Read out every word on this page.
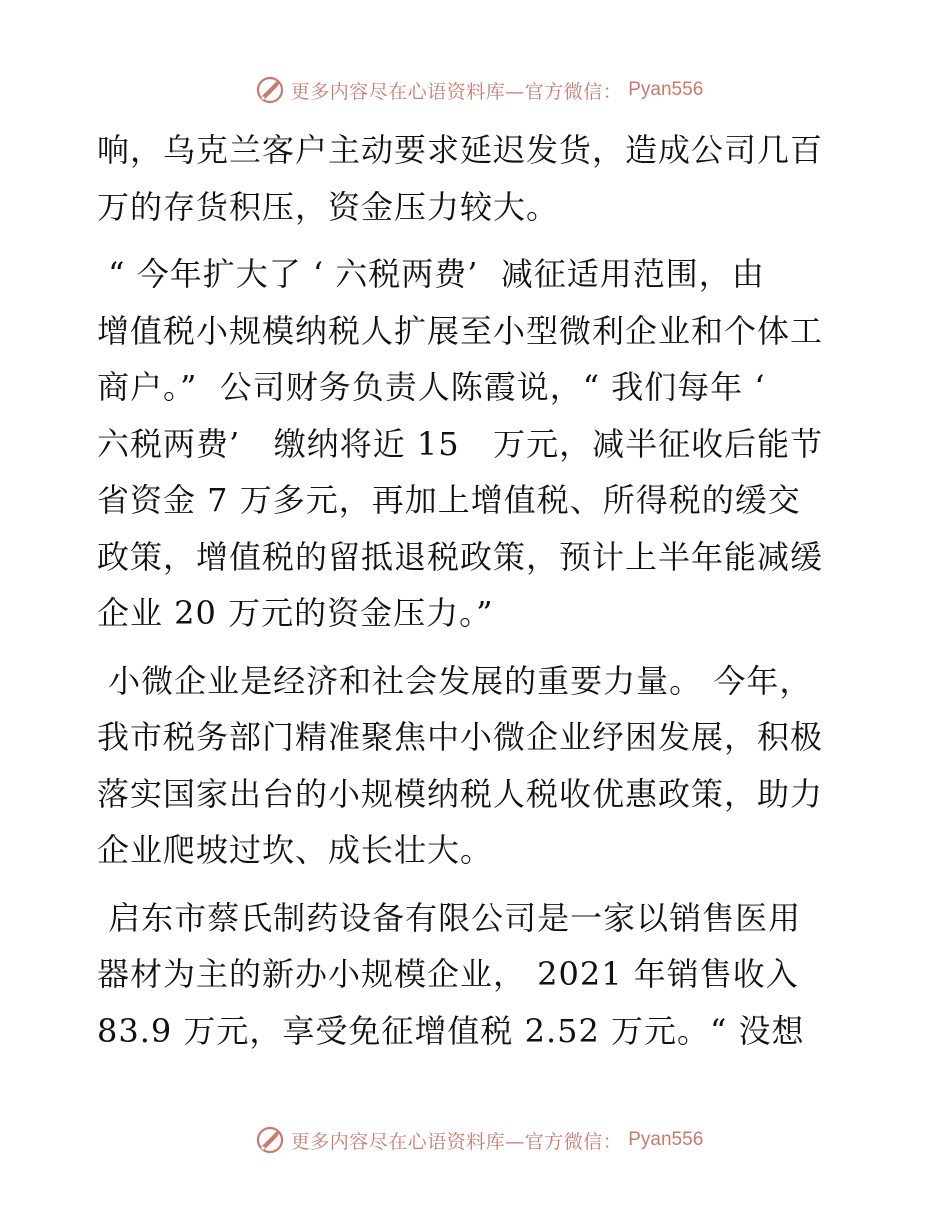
更多内容尽在心语资料库—官方微信： Pyan556

响，乌克兰客户主动要求延迟发货，造成公司几百
万的存货积压，资金压力较大。

“ 今年扩大了 ‘ 六税两费’  减征适用范围，由
增值税小规模纳税人扩展至小型微利企业和个体工
商户。”  公司财务负责人陈霞说，“ 我们每年 ‘
六税两费’   缴纳将近 15   万元，减半征收后能节
省资金 7 万多元，再加上增值税、所得税的缓交
政策，增值税的留抵退税政策，预计上半年能减缓
企业 20 万元的资金压力。”

小微企业是经济和社会发展的重要力量。 今年，
我市税务部门精准聚焦中小微企业纾困发展，积极
落实国家出台的小规模纳税人税收优惠政策，助力
企业爬坡过坎、成长壮大。

启东市蔡氏制药设备有限公司是一家以销售医用
器材为主的新办小规模企业， 2021 年销售收入
83.9 万元，享受免征增值税 2.52 万元。“ 没想

更多内容尽在心语资料库—官方微信： Pyan556
